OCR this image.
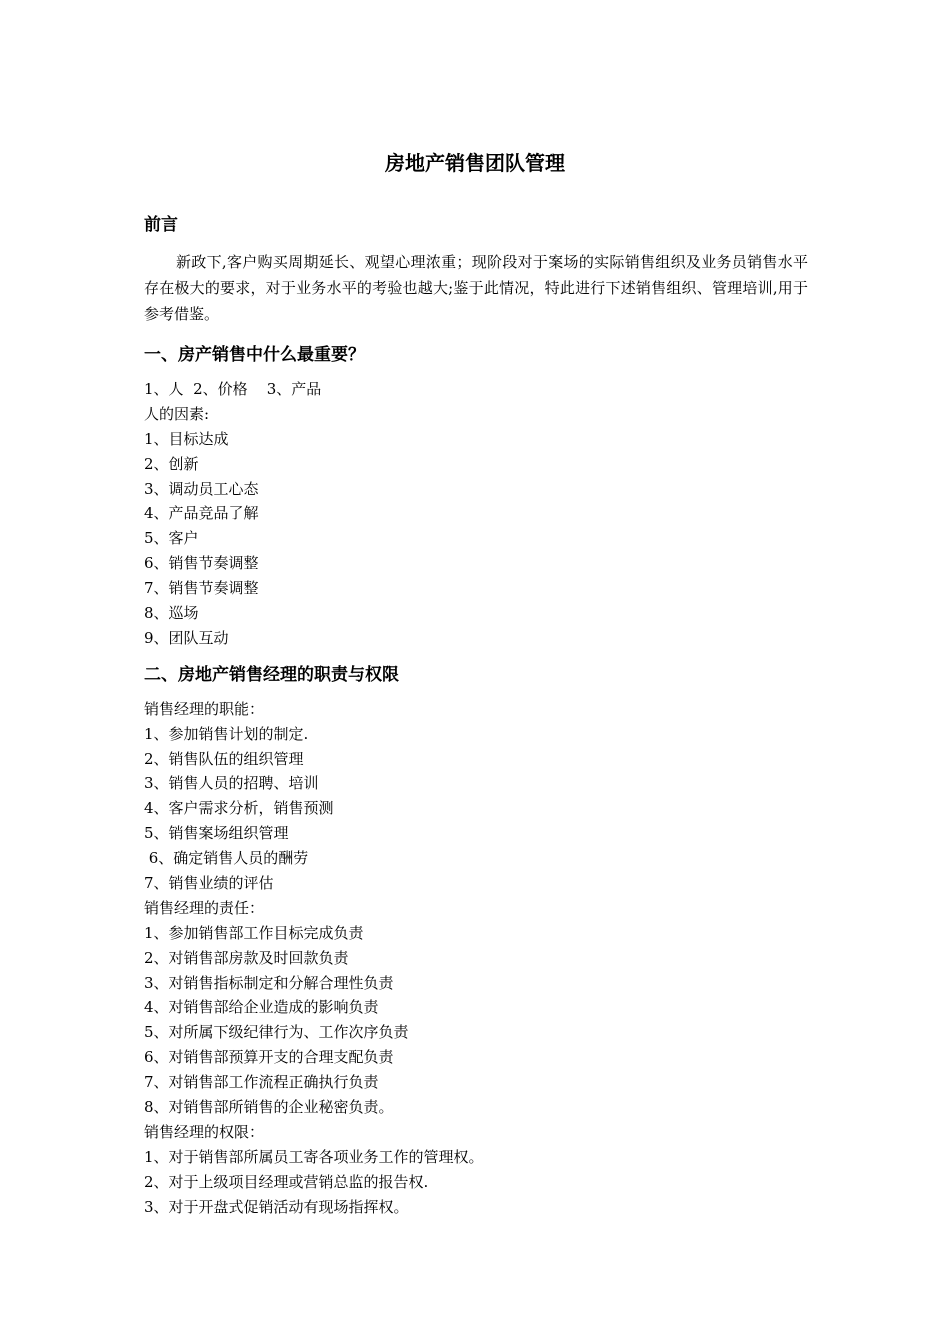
房地产销售团队管理
前言

新政下,客户购买周期延长、观望心理浓重；现阶段对于案场的实际销售组织及业务员销售水平存在极大的要求，对于业务水平的考验也越大;鉴于此情况，特此进行下述销售组织、管理培训,用于参考借鉴。

一、房产销售中什么最重要？
1、人  2、价格    3、产品
人的因素:
1、目标达成
2、创新
3、调动员工心态
4、产品竞品了解
5、客户
6、销售节奏调整
7、销售节奏调整
8、巡场
9、团队互动
二、房地产销售经理的职责与权限
销售经理的职能：
1、参加销售计划的制定.
2、销售队伍的组织管理
3、销售人员的招聘、培训
4、客户需求分析，销售预测
5、销售案场组织管理
6、确定销售人员的酬劳
7、销售业绩的评估
销售经理的责任：
1、参加销售部工作目标完成负责
2、对销售部房款及时回款负责
3、对销售指标制定和分解合理性负责
4、对销售部给企业造成的影响负责
5、对所属下级纪律行为、工作次序负责
6、对销售部预算开支的合理支配负责
7、对销售部工作流程正确执行负责
8、对销售部所销售的企业秘密负责。
销售经理的权限：
1、对于销售部所属员工寄各项业务工作的管理权。
2、对于上级项目经理或营销总监的报告权.
3、对于开盘式促销活动有现场指挥权。
